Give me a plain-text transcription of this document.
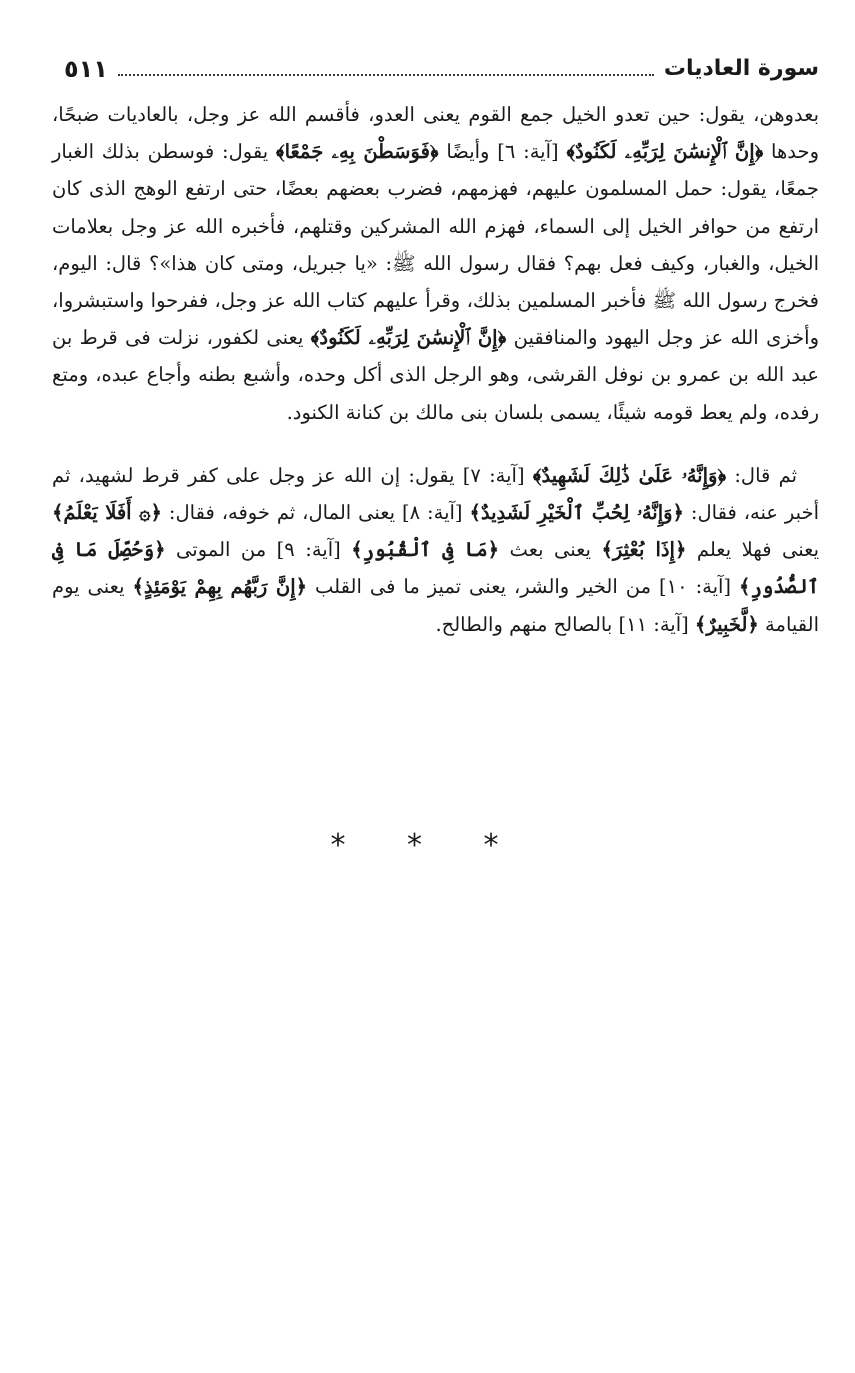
٥١١	سورة العاديات

بعدوهن، يقول: حين تعدو الخيل جمع القوم يعنى العدو، فأقسم الله عز وجل، بالعاديات ضبحًا، وحدها ﴿إِنَّ ٱلْإِنسَٰنَ لِرَبِّهِۦ لَكَنُودٌ﴾ [آية: ٦] وأيضًا ﴿فَوَسَطْنَ بِهِۦ جَمْعًا﴾ يقول: فوسطن بذلك الغبار جمعًا، يقول: حمل المسلمون عليهم، فهزمهم، فضرب بعضهم بعضًا، حتى ارتفع الوهج الذى كان ارتفع من حوافر الخيل إلى السماء، فهزم الله المشركين وقتلهم، فأخبره الله عز وجل بعلامات الخيل، والغبار، وكيف فعل بهم؟ فقال رسول الله ﷺ: «يا جبريل، ومتى كان هذا»؟ قال: اليوم، فخرج رسول الله ﷺ فأخبر المسلمين بذلك، وقرأ عليهم كتاب الله عز وجل، ففرحوا واستبشروا، وأخزى الله عز وجل اليهود والمنافقين ﴿إِنَّ ٱلْإِنسَٰنَ لِرَبِّهِۦ لَكَنُودٌ﴾ يعنى لكفور، نزلت فى قرط بن عبد الله بن عمرو بن نوفل القرشى، وهو الرجل الذى أكل وحده، وأشبع بطنه وأجاع عبده، ومتع رفده، ولم يعط قومه شيئًا، يسمى بلسان بنى مالك بن كنانة الكنود.

ثم قال: ﴿وَإِنَّهُۥ عَلَىٰ ذَٰلِكَ لَشَهِيدٌ﴾ [آية: ٧] يقول: إن الله عز وجل على كفر قرط لشهيد، ثم أخبر عنه، فقال: ﴿وَإِنَّهُۥ لِحُبِّ ٱلْخَيْرِ لَشَدِيدٌ﴾ [آية: ٨] يعنى المال، ثم خوفه، فقال: ﴿۞ أَفَلَا يَعْلَمُ﴾ يعنى فهلا يعلم ﴿إِذَا بُعْثِرَ﴾ يعنى بعث ﴿مَا فِى ٱلْقُبُورِ﴾ [آية: ٩] من الموتى ﴿وَحُصِّلَ مَا فِى ٱلصُّدُورِ﴾ [آية: ١٠] من الخير والشر، يعنى تميز ما فى القلب ﴿إِنَّ رَبَّهُم بِهِمْ يَوْمَئِذٍ﴾ يعنى يوم القيامة ﴿لَّخَبِيرٌ﴾ [آية: ١١] بالصالح منهم والطالح.

* * *
